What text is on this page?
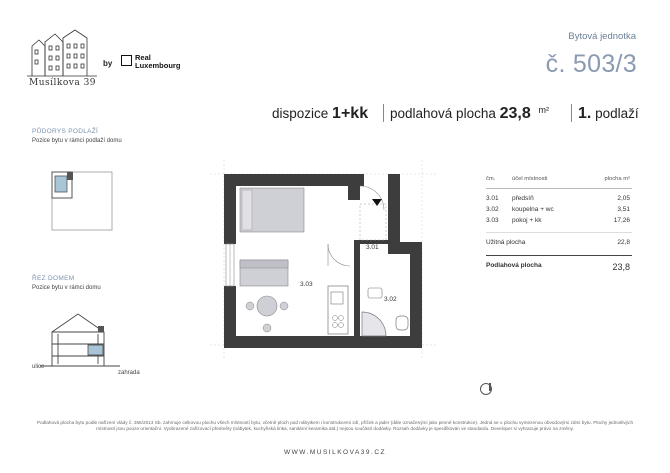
Musílkova 39
by
Real
Luxembourg
Bytová jednotka
č. 503/3
dispozice 1+kk podlahová plocha 23,8 $^{m^2}$ 1. podlaží
PŮDORYS PODLAŽÍ
Pozice bytu v rámci podlaží domu
ŘEZ DOMEM
Pozice bytu v rámci domu
ulice
zahrada
3.01
3.02
3.03
čm.	účel místnosti	plocha m²
3.01 předsíň	2,05
3.02 koupelna + wc	3,51
3.03 pokoj + kk	17,26
Užitná plocha	22,8
Podlahová plocha	23,8
Podlahová plocha bytu podle nařízení vlády č. 366/2013 Sb. zahrnuje celkovou plochu všech místností bytu, včetně ploch pod nábytkem i konstrukcemi zdí, příček a jader (dále označenými jako pevné konstrukce). Jedná se o plochu vymezenou obvodovými zdmi bytu. Plochy jednotlivých místností jsou pouze orientační. Vyobrazené zařizovací předměty (nábytek, kuchyňská linka, sanitární keramika atd.) nejsou součástí dodávky. Rozsah dodávky je specifikován ve standardu. Developer si vyhrazuje právo na změny.
WWW.MUSILKOVA39.CZ
